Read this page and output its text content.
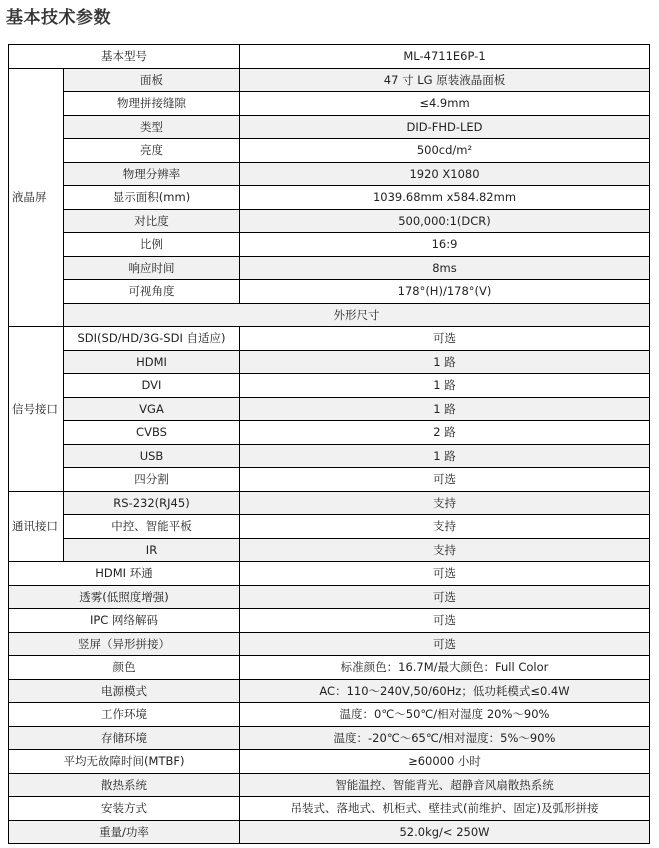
基本技术参数
基本型号		ML-4711E6P-1	
液晶屏	面板	47 寸 LG 原装液晶面板	
	物理拼接缝隙	≤4.9mm	
	类型	DID-FHD-LED	
	亮度	500cd/m²	
	物理分辨率	1920 X1080	
	显示面积(mm)	1039.68mm x584.82mm	
	对比度	500,000:1(DCR)	
	比例	16:9	
	响应时间	8ms	
	可视角度	178°(H)/178°(V)	
	外形尺寸	
信号接口	SDI(SD/HD/3G-SDI 自适应)	可选	
	HDMI	1 路	
	DVI	1 路	
	VGA	1 路	
	CVBS	2 路	
	USB	1 路	
	四分割	可选	
通讯接口	RS-232(RJ45)	支持	
	中控、智能平板	支持	
	IR	支持	
HDMI 环通		可选	
透雾(低照度增强)		可选	
IPC 网络解码		可选	
竖屏（异形拼接）		可选	
颜色		标准颜色：16.7M/最大颜色：Full Color	
电源模式		AC：110～240V,50/60Hz；低功耗模式≤0.4W	
工作环境		温度：0℃～50℃/相对湿度 20%～90%	
存储环境		温度：-20℃～65℃/相对湿度：5%～90%	
平均无故障时间(MTBF)		≥60000 小时	
散热系统		智能温控、智能背光、超静音风扇散热系统	
安装方式		吊装式、落地式、机柜式、壁挂式(前维护、固定)及弧形拼接	
重量/功率		52.0kg/< 250W	
